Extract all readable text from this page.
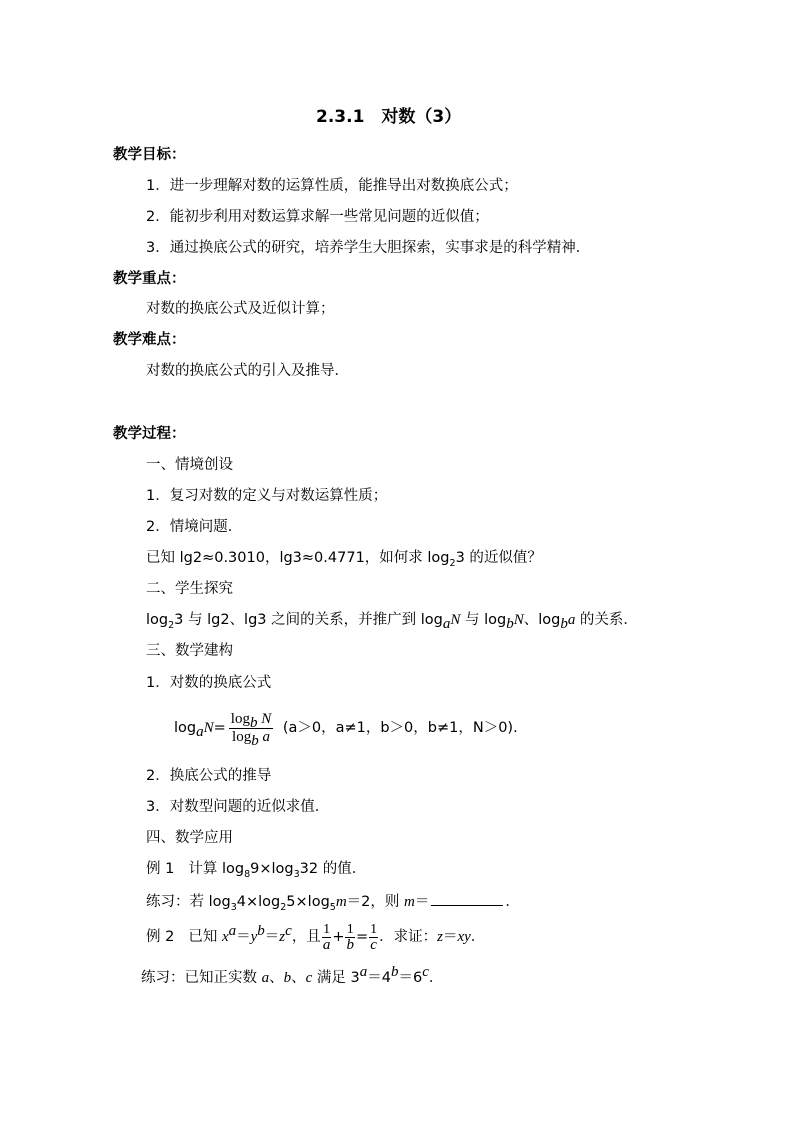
2.3.1　对数（3）
教学目标：
1．进一步理解对数的运算性质，能推导出对数换底公式；
2．能初步利用对数运算求解一些常见问题的近似值；
3．通过换底公式的研究，培养学生大胆探索，实事求是的科学精神．
教学重点：
对数的换底公式及近似计算；
教学难点：
对数的换底公式的引入及推导．
教学过程：
一、情境创设
1．复习对数的定义与对数运算性质；
2．情境问题．
已知 lg2≈0.3010，lg3≈0.4771，如何求 $\log_23$ 的近似值？
二、学生探究
$\log_23$ 与 lg2、lg3 之间的关系，并推广到 $\log_aN$ 与 $\log_bN$、$\log_ba$ 的关系．
三、数学建构
1．对数的换底公式
$\log_aN= \frac{\log_b N}{\log_b a} (a>0$，a≠1，b＞0，b≠1，N＞0).
2．换底公式的推导
3．对数型问题的近似求值．
四、数学应用
例 1 计算 $\log_89\times\log_332$ 的值．
练习：若 $\log_34\times\log_25\times\log_5m=2$，则 m＝	．
例 2 已知 $x^a=y^b=z^c$，且 $\frac{1}{a} + \frac{1}{b} = \frac{1}{c}$ ．求证：z＝xy．
练习：已知正实数 a、b、c 满足 $3^a=4^b=6^c$．
